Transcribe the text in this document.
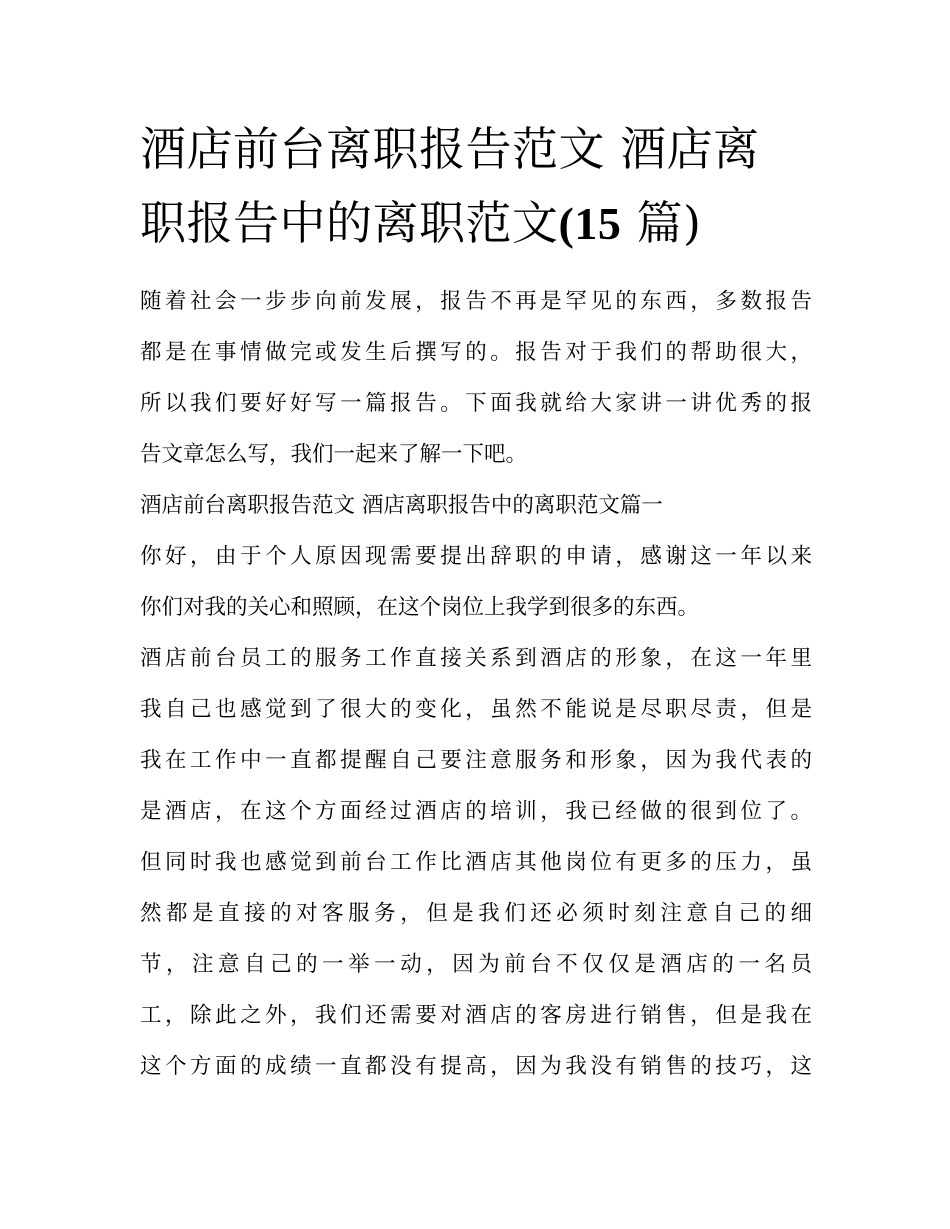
酒店前台离职报告范文 酒店离
职报告中的离职范文(15 篇)
随着社会一步步向前发展，报告不再是罕见的东西，多数报告
都是在事情做完或发生后撰写的。报告对于我们的帮助很大，
所以我们要好好写一篇报告。下面我就给大家讲一讲优秀的报
告文章怎么写，我们一起来了解一下吧。
酒店前台离职报告范文 酒店离职报告中的离职范文篇一
你好，由于个人原因现需要提出辞职的申请，感谢这一年以来
你们对我的关心和照顾，在这个岗位上我学到很多的东西。
酒店前台员工的服务工作直接关系到酒店的形象，在这一年里
我自己也感觉到了很大的变化，虽然不能说是尽职尽责，但是
我在工作中一直都提醒自己要注意服务和形象，因为我代表的
是酒店，在这个方面经过酒店的培训，我已经做的很到位了。
但同时我也感觉到前台工作比酒店其他岗位有更多的压力，虽
然都是直接的对客服务，但是我们还必须时刻注意自己的细
节，注意自己的一举一动，因为前台不仅仅是酒店的一名员
工，除此之外，我们还需要对酒店的客房进行销售，但是我在
这个方面的成绩一直都没有提高，因为我没有销售的技巧，这
